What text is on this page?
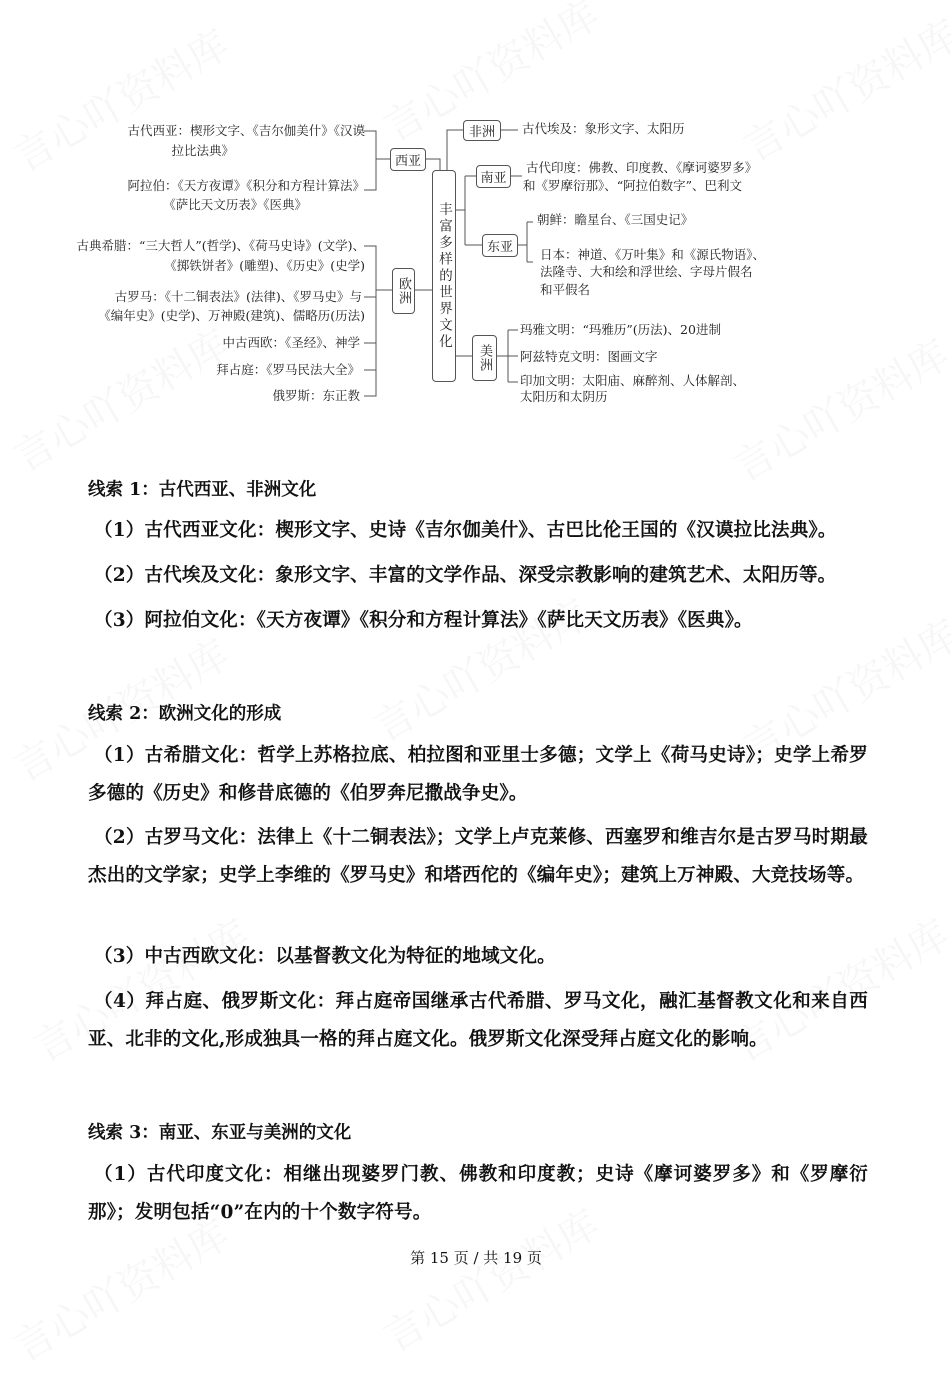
古代西亚：楔形文字、《吉尔伽美什》《汉谟
拉比法典》
阿拉伯：《天方夜谭》《积分和方程计算法》
《萨比天文历表》《医典》
西亚
古典希腊：“三大哲人”(哲学)、《荷马史诗》(文学)、
《掷铁饼者》(雕塑)、《历史》(史学)
古罗马：《十二铜表法》(法律)、《罗马史》与
《编年史》(史学)、万神殿(建筑)、儒略历(历法)
中古西欧：《圣经》、神学
拜占庭：《罗马民法大全》
俄罗斯：东正教
欧洲 丰富多样的世界文化
非洲	古代埃及：象形文字、太阳历
南亚
古代印度：佛教、印度教、《摩诃婆罗多》
和《罗摩衍那》、“阿拉伯数字”、巴利文
东亚
朝鲜：瞻星台、《三国史记》
日本：神道、《万叶集》和《源氏物语》、
法隆寺、大和绘和浮世绘、字母片假名
和平假名
美洲
玛雅文明：“玛雅历”(历法)、20进制
阿兹特克文明：图画文字
印加文明：太阳庙、麻醉剂、人体解剖、
太阳历和太阴历
线索 1：古代西亚、非洲文化
（1）古代西亚文化：楔形文字、史诗《吉尔伽美什》、古巴比伦王国的《汉谟拉比法典》。
（2）古代埃及文化：象形文字、丰富的文学作品、深受宗教影响的建筑艺术、太阳历等。
（3）阿拉伯文化：《天方夜谭》《积分和方程计算法》《萨比天文历表》《医典》。
线索 2：欧洲文化的形成
（1）古希腊文化：哲学上苏格拉底、柏拉图和亚里士多德；文学上《荷马史诗》；史学上希罗多德的《历史》和修昔底德的《伯罗奔尼撒战争史》。
（2）古罗马文化：法律上《十二铜表法》；文学上卢克莱修、西塞罗和维吉尔是古罗马时期最杰出的文学家；史学上李维的《罗马史》和塔西佗的《编年史》；建筑上万神殿、大竞技场等。
（3）中古西欧文化：以基督教文化为特征的地域文化。
（4）拜占庭、俄罗斯文化：拜占庭帝国继承古代希腊、罗马文化，融汇基督教文化和来自西亚、北非的文化,形成独具一格的拜占庭文化。俄罗斯文化深受拜占庭文化的影响。
线索 3：南亚、东亚与美洲的文化
（1）古代印度文化：相继出现婆罗门教、佛教和印度教；史诗《摩诃婆罗多》和《罗摩衍那》；发明包括“0”在内的十个数字符号。
第 15 页 / 共 19 页
